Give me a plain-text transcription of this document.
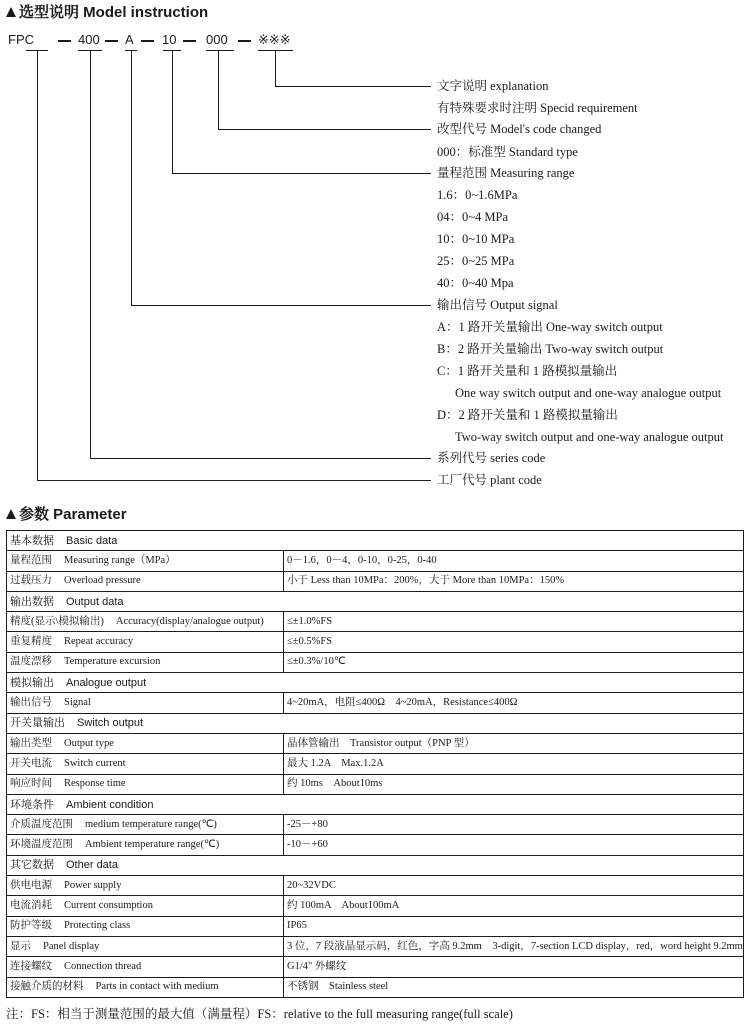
选型说明 Model instruction
FPC	400 A 10 000 ※※※
文字说明 explanation
有特殊要求时注明 Specid requirement
改型代号 Model's code changed
000：标准型 Standard type
量程范围 Measuring range
1.6：0~1.6MPa
04：0~4 MPa
10：0~10 MPa
25：0~25 MPa
40：0~40 Mpa
输出信号 Output signal
A：1 路开关量输出 One-way switch output
B：2 路开关量输出 Two-way switch output
C：1 路开关量和 1 路模拟量输出
One way switch output and one-way analogue output
D：2 路开关量和 1 路模拟量输出
Two-way switch output and one-way analogue output
系列代号 series code
工厂代号 plant code
参数 Parameter
基本数据 Basic data	
量程范围 Measuring range（MPa）	0－1.6，0－4，0-10，0-25，0-40
过载压力 Overload pressure	小于 Less than 10MPa：200%，大于 More than 10MPa：150%
输出数据 Output data	
精度(显示\模拟输出) Accuracy(display/analogue output)	≤±1.0%FS
重复精度 Repeat accuracy	≤±0.5%FS
温度漂移 Temperature excursion	≤±0.3%/10℃
模拟输出 Analogue output	
输出信号 Signal	4~20mA，电阻≤400Ω　4~20mA，Resistance≤400Ω
开关量输出 Switch output	
输出类型 Output type	晶体管输出　Transistor output（PNP 型）
开关电流 Switch current	最大 1.2A　Max.1.2A
响应时间 Response time	约 10ms　About10ms
环境条件 Ambient condition	
介质温度范围 medium temperature range(℃)	-25－+80
环境温度范围 Ambient temperature range(℃)	-10－+60
其它数据 Other data	
供电电源 Power supply	20~32VDC
电流消耗 Current consumption	约 100mA　About100mA
防护等级 Protecting class	IP65
显示 Panel display	3 位，7 段液晶显示码，红色，字高 9.2mm　3-digit，7-section LCD display，red，word height 9.2mm
连接螺纹 Connection thread	G1/4" 外螺纹
接触介质的材料 Parts in contact with medium	不锈钢　Stainless steel
注：FS：相当于测量范围的最大值（满量程）FS：relative to the full measuring range(full scale)
